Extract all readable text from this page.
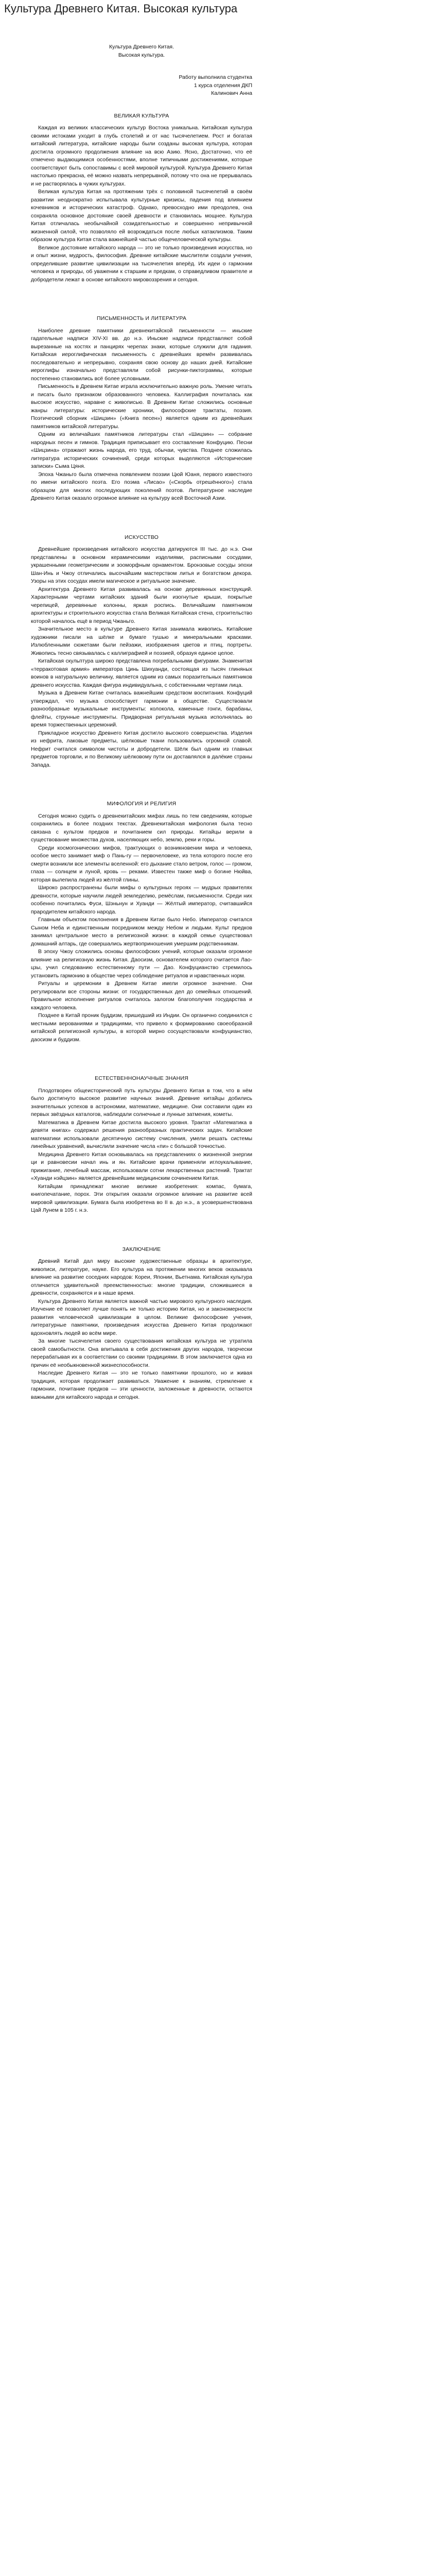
Культура Древнего Китая. Высокая культура

Культура Древнего Китая.

Высокая культура.

Работу выполнила студентка

1 курса отделения ДКП

Калинович Анна

ВЕЛИКАЯ КУЛЬТУРА

Каждая из великих классических культур Востока уникальна. Китайская культура своими истоками уходит в глубь столетий и от нас тысячелетием. Рост и богатая китайский литература, китайские народы были созданы высокая культура, которая достигла огромного продолжения влияние на всю Азию. Ясно, Достаточно, что её отмечено выдающимися особенностями, вполне типичными достижениями, которые соответствуют быть сопоставимы с всей мировой культурой. Культура Древнего Китая настолько прекрасна, её можно назвать непрерывной, потому что она не прерывалась и не растворялась в чужих культурах.

Великая культура Китая на протяжении трёх с половиной тысячелетий в своём развитии неоднократно испытывала культурные кризисы, падения под влиянием кочевников и исторических катастроф. Однако, превосходно ими преодолев, она сохраняла основное достояние своей древности и становилась мощнее. Культура Китая отличалась необычайной созидательностью и совершенно непривычной жизненной силой, что позволяло ей возрождаться после любых катаклизмов. Таким образом культура Китая стала важнейшей частью общечеловеческой культуры.

Великое достояние китайского народа — это не только произведения искусства, но и опыт жизни, мудрость, философия. Древние китайские мыслители создали учения, определившие развитие цивилизации на тысячелетия вперёд. Их идеи о гармонии человека и природы, об уважении к старшим и предкам, о справедливом правителе и добродетели лежат в основе китайского мировоззрения и сегодня.

ПИСЬМЕННОСТЬ И ЛИТЕРАТУРА

Наиболее древние памятники древнекитайской письменности — иньские гадательные надписи XIV-XI вв. до н.э. Иньские надписи представляют собой вырезанные на костях и панцирях черепах знаки, которые служили для гадания. Китайская иероглифическая письменность с древнейших времён развивалась последовательно и непрерывно, сохраняя свою основу до наших дней. Китайские иероглифы изначально представляли собой рисунки-пиктограммы, которые постепенно становились всё более условными.

Письменность в Древнем Китае играла исключительно важную роль. Умение читать и писать было признаком образованного человека. Каллиграфия почиталась как высокое искусство, наравне с живописью. В Древнем Китае сложились основные жанры литературы: исторические хроники, философские трактаты, поэзия. Поэтический сборник «Шицзин» («Книга песен») является одним из древнейших памятников китайской литературы.

Одним из величайших памятников литературы стал «Шицзин» — собрание народных песен и гимнов. Традиция приписывает его составление Конфуцию. Песни «Шицзина» отражают жизнь народа, его труд, обычаи, чувства. Позднее сложилась литература исторических сочинений, среди которых выделяются «Исторические записки» Сыма Цяня.

Эпоха Чжаньго была отмечена появлением поэзии Цюй Юаня, первого известного по имени китайского поэта. Его поэма «Лисао» («Скорбь отрешённого») стала образцом для многих последующих поколений поэтов. Литературное наследие Древнего Китая оказало огромное влияние на культуру всей Восточной Азии.

ИСКУССТВО

Древнейшие произведения китайского искусства датируются III тыс. до н.э. Они представлены в основном керамическими изделиями, расписными сосудами, украшенными геометрическим и зооморфным орнаментом. Бронзовые сосуды эпохи Шан-Инь и Чжоу отличались высочайшим мастерством литья и богатством декора. Узоры на этих сосудах имели магическое и ритуальное значение.

Архитектура Древнего Китая развивалась на основе деревянных конструкций. Характерными чертами китайских зданий были изогнутые крыши, покрытые черепицей, деревянные колонны, яркая роспись. Величайшим памятником архитектуры и строительного искусства стала Великая Китайская стена, строительство которой началось ещё в период Чжаньго.

Значительное место в культуре Древнего Китая занимала живопись. Китайские художники писали на шёлке и бумаге тушью и минеральными красками. Излюбленными сюжетами были пейзажи, изображения цветов и птиц, портреты. Живопись тесно связывалась с каллиграфией и поэзией, образуя единое целое.

Китайская скульптура широко представлена погребальными фигурами. Знаменитая «терракотовая армия» императора Цинь Шихуанди, состоящая из тысяч глиняных воинов в натуральную величину, является одним из самых поразительных памятников древнего искусства. Каждая фигура индивидуальна, с собственными чертами лица.

Музыка в Древнем Китае считалась важнейшим средством воспитания. Конфуций утверждал, что музыка способствует гармонии в обществе. Существовали разнообразные музыкальные инструменты: колокола, каменные гонги, барабаны, флейты, струнные инструменты. Придворная ритуальная музыка исполнялась во время торжественных церемоний.

Прикладное искусство Древнего Китая достигло высокого совершенства. Изделия из нефрита, лаковые предметы, шёлковые ткани пользовались огромной славой. Нефрит считался символом чистоты и добродетели. Шёлк был одним из главных предметов торговли, и по Великому шёлковому пути он доставлялся в далёкие страны Запада.

МИФОЛОГИЯ И РЕЛИГИЯ

Сегодня можно судить о древнекитайских мифах лишь по тем сведениям, которые сохранились в более поздних текстах. Древнекитайская мифология была тесно связана с культом предков и почитанием сил природы. Китайцы верили в существование множества духов, населяющих небо, землю, реки и горы.

Среди космогонических мифов, трактующих о возникновении мира и человека, особое место занимает миф о Пань-гу — первочеловеке, из тела которого после его смерти возникли все элементы вселенной: его дыхание стало ветром, голос — громом, глаза — солнцем и луной, кровь — реками. Известен также миф о богине Нюйва, которая вылепила людей из жёлтой глины.

Широко распространены были мифы о культурных героях — мудрых правителях древности, которые научили людей земледелию, ремёслам, письменности. Среди них особенно почитались Фуси, Шэньнун и Хуанди — Жёлтый император, считавшийся прародителем китайского народа.

Главным объектом поклонения в Древнем Китае было Небо. Император считался Сыном Неба и единственным посредником между Небом и людьми. Культ предков занимал центральное место в религиозной жизни: в каждой семье существовал домашний алтарь, где совершались жертвоприношения умершим родственникам.

В эпоху Чжоу сложились основы философских учений, которые оказали огромное влияние на религиозную жизнь Китая. Даосизм, основателем которого считается Лао-цзы, учил следованию естественному пути — Дао. Конфуцианство стремилось установить гармонию в обществе через соблюдение ритуалов и нравственных норм.

Ритуалы и церемонии в Древнем Китае имели огромное значение. Они регулировали все стороны жизни: от государственных дел до семейных отношений. Правильное исполнение ритуалов считалось залогом благополучия государства и каждого человека.

Позднее в Китай проник буддизм, пришедший из Индии. Он органично соединился с местными верованиями и традициями, что привело к формированию своеобразной китайской религиозной культуры, в которой мирно сосуществовали конфуцианство, даосизм и буддизм.

ЕСТЕСТВЕННОНАУЧНЫЕ ЗНАНИЯ

Плодотворен общеисторический путь культуры Древнего Китая в том, что в нём было достигнуто высокое развитие научных знаний. Древние китайцы добились значительных успехов в астрономии, математике, медицине. Они составили один из первых звёздных каталогов, наблюдали солнечные и лунные затмения, кометы.

Математика в Древнем Китае достигла высокого уровня. Трактат «Математика в девяти книгах» содержал решения разнообразных практических задач. Китайские математики использовали десятичную систему счисления, умели решать системы линейных уравнений, вычислили значение числа «пи» с большой точностью.

Медицина Древнего Китая основывалась на представлениях о жизненной энергии ци и равновесии начал инь и ян. Китайские врачи применяли иглоукалывание, прижигание, лечебный массаж, использовали сотни лекарственных растений. Трактат «Хуанди нэйцзин» является древнейшим медицинским сочинением Китая.

Китайцам принадлежат многие великие изобретения: компас, бумага, книгопечатание, порох. Эти открытия оказали огромное влияние на развитие всей мировой цивилизации. Бумага была изобретена во II в. до н.э., а усовершенствована Цай Лунем в 105 г. н.э.

ЗАКЛЮЧЕНИЕ

Древний Китай дал миру высокие художественные образцы в архитектуре, живописи, литературе, науке. Его культура на протяжении многих веков оказывала влияние на развитие соседних народов: Кореи, Японии, Вьетнама. Китайская культура отличается удивительной преемственностью: многие традиции, сложившиеся в древности, сохраняются и в наше время.

Культура Древнего Китая является важной частью мирового культурного наследия. Изучение её позволяет лучше понять не только историю Китая, но и закономерности развития человеческой цивилизации в целом. Великие философские учения, литературные памятники, произведения искусства Древнего Китая продолжают вдохновлять людей во всём мире.

За многие тысячелетия своего существования китайская культура не утратила своей самобытности. Она впитывала в себя достижения других народов, творчески перерабатывая их в соответствии со своими традициями. В этом заключается одна из причин её необыкновенной жизнеспособности.

Наследие Древнего Китая — это не только памятники прошлого, но и живая традиция, которая продолжает развиваться. Уважение к знаниям, стремление к гармонии, почитание предков — эти ценности, заложенные в древности, остаются важными для китайского народа и сегодня.
